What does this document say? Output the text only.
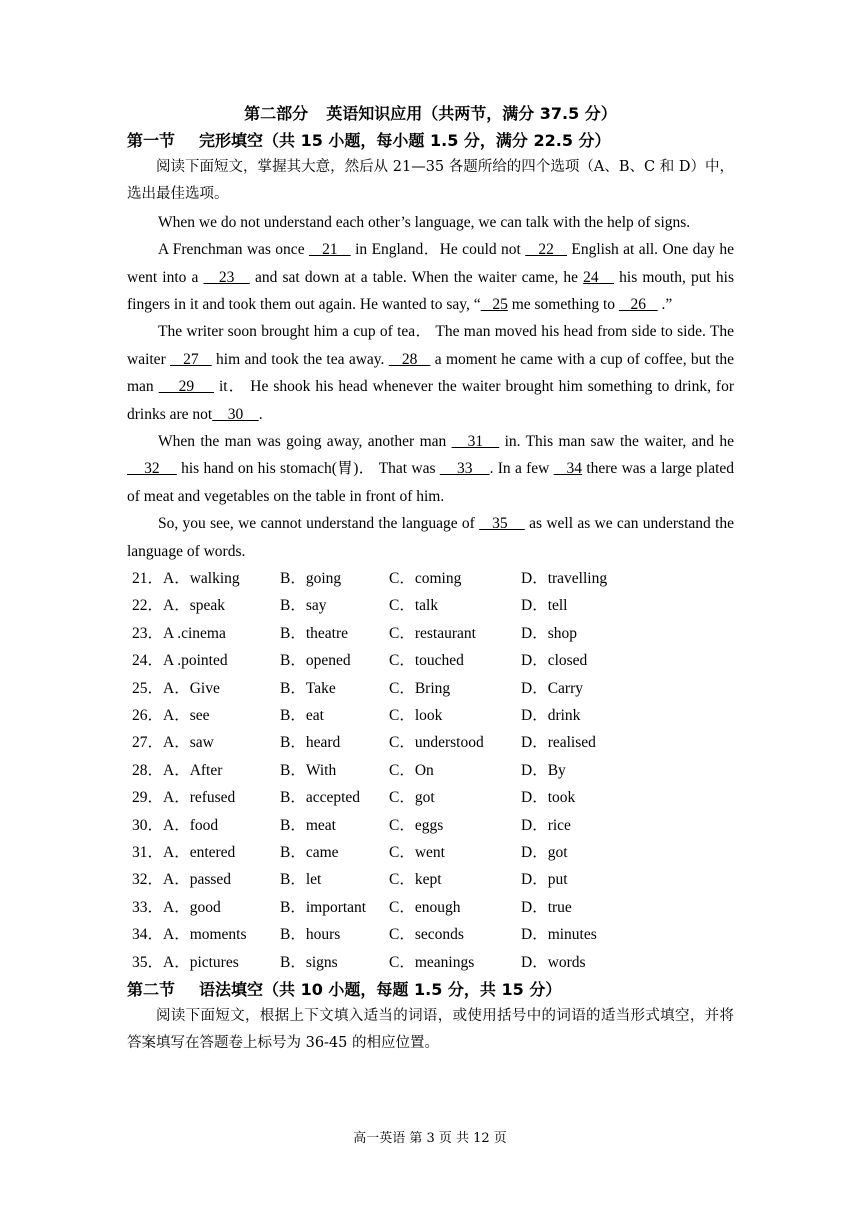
第二部分 英语知识应用（共两节，满分 37.5 分）
第一节 完形填空（共 15 小题，每小题 1.5 分，满分 22.5 分）

阅读下面短文，掌握其大意，然后从 21—35 各题所给的四个选项（A、B、C 和 D）中，选出最佳选项。

When we do not understand each other’s language, we can talk with the help of signs.

A Frenchman was once    21    in England．He could not    22    English at all. One day he went into a    23    and sat down at a table. When the waiter came, he 24    his mouth, put his fingers in it and took them out again. He wanted to say, “   25 me something to    26    .”

The writer soon brought him a cup of tea． The man moved his head from side to side. The waiter    27    him and took the tea away.    28    a moment he came with a cup of coffee, but the man     29     it． He shook his head whenever the waiter brought him something to drink, for drinks are not    30    .

When the man was going away, another man    31    in. This man saw the waiter, and he     32     his hand on his stomach(胃)． That was     33    . In a few    34 there was a large plated of meat and vegetables on the table in front of him.

So, you see, we cannot understand the language of    35     as well as we can understand the language of words.

21．A．walking	B．going	C．coming	D．travelling
22．A．speak	B．say	C．talk	D．tell
23．A .cinema	B．theatre	C．restaurant	D．shop
24．A .pointed	B．opened C．touched	D．closed
25．A．Give	B．Take	C．Bring	D．Carry
26．A．see	B．eat	C．look	D．drink
27．A．saw	B．heard	C．understood D．realised
28．A．After	B．With	C．On	D．By
29．A．refused	B．accepted C．got	D．took
30．A．food	B．meat	C．eggs	D．rice
31．A．entered	B．came	C．went	D．got
32．A．passed	B．let	C．kept	D．put
33．A．good	B．important C．enough	D．true
34．A．moments B．hours	C．seconds	D．minutes
35．A．pictures	B．signs	C．meanings	D．words
第二节 语法填空（共 10 小题，每题 1.5 分，共 15 分）

阅读下面短文，根据上下文填入适当的词语，或使用括号中的词语的适当形式填空，并将答案填写在答题卷上标号为 36-45 的相应位置。

高一英语 第 3 页 共 12 页
